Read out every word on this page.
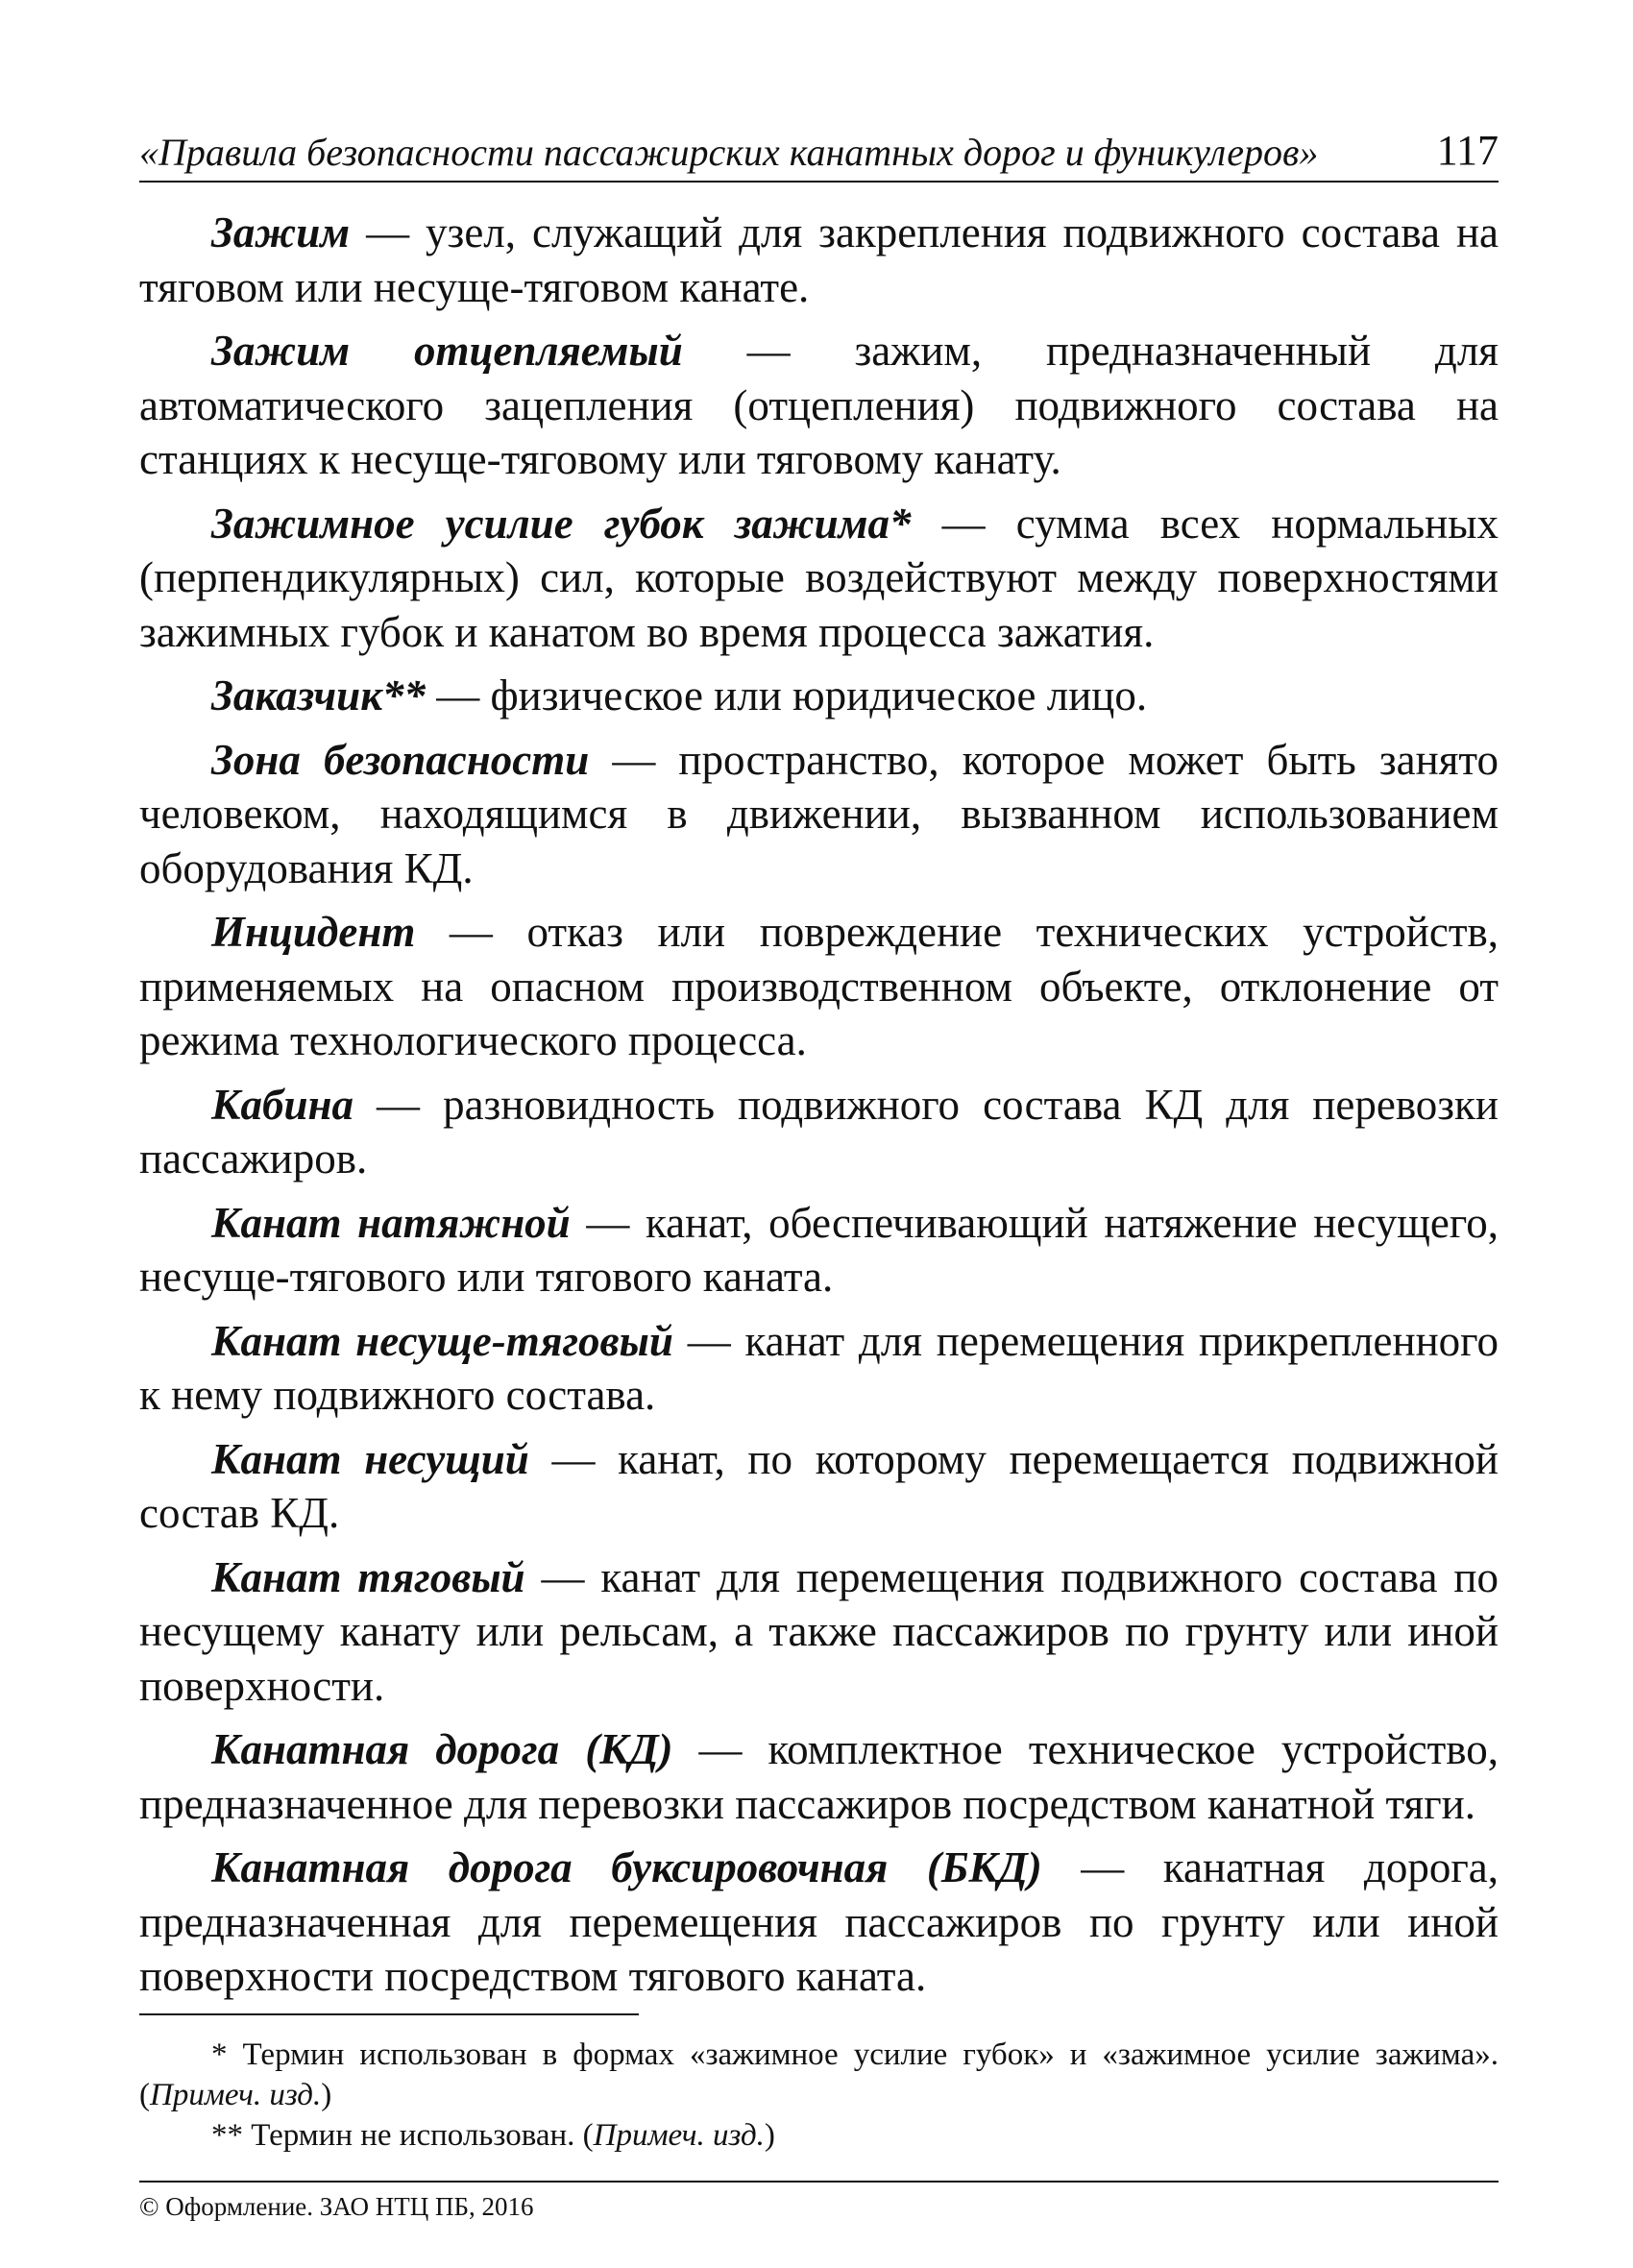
«Правила безопасности пассажирских канатных дорог и фуникулеров»	117

Зажим — узел, служащий для закрепления подвижного состава на тяговом или несуще-тяговом канате.

Зажим отцепляемый — зажим, предназначенный для автоматического зацепления (отцепления) подвижного состава на станциях к несуще-тяговому или тяговому канату.

Зажимное усилие губок зажима* — сумма всех нормальных (перпендикулярных) сил, которые воздействуют между поверхностями зажимных губок и канатом во время процесса зажатия.

Заказчик** — физическое или юридическое лицо.

Зона безопасности — пространство, которое может быть занято человеком, находящимся в движении, вызванном использованием оборудования КД.

Инцидент — отказ или повреждение технических устройств, применяемых на опасном производственном объекте, отклонение от режима технологического процесса.

Кабина — разновидность подвижного состава КД для перевозки пассажиров.

Канат натяжной — канат, обеспечивающий натяжение несущего, несуще-тягового или тягового каната.

Канат несуще-тяговый — канат для перемещения прикрепленного к нему подвижного состава.

Канат несущий — канат, по которому перемещается подвижной состав КД.

Канат тяговый — канат для перемещения подвижного состава по несущему канату или рельсам, а также пассажиров по грунту или иной поверхности.

Канатная дорога (КД) — комплектное техническое устройство, предназначенное для перевозки пассажиров посредством канатной тяги.

Канатная дорога буксировочная (БКД) — канатная дорога, предназначенная для перемещения пассажиров по грунту или иной поверхности посредством тягового каната.

* Термин использован в формах «зажимное усилие губок» и «зажимное усилие зажима». (Примеч. изд.)

** Термин не использован. (Примеч. изд.)

© Оформление. ЗАО НТЦ ПБ, 2016
